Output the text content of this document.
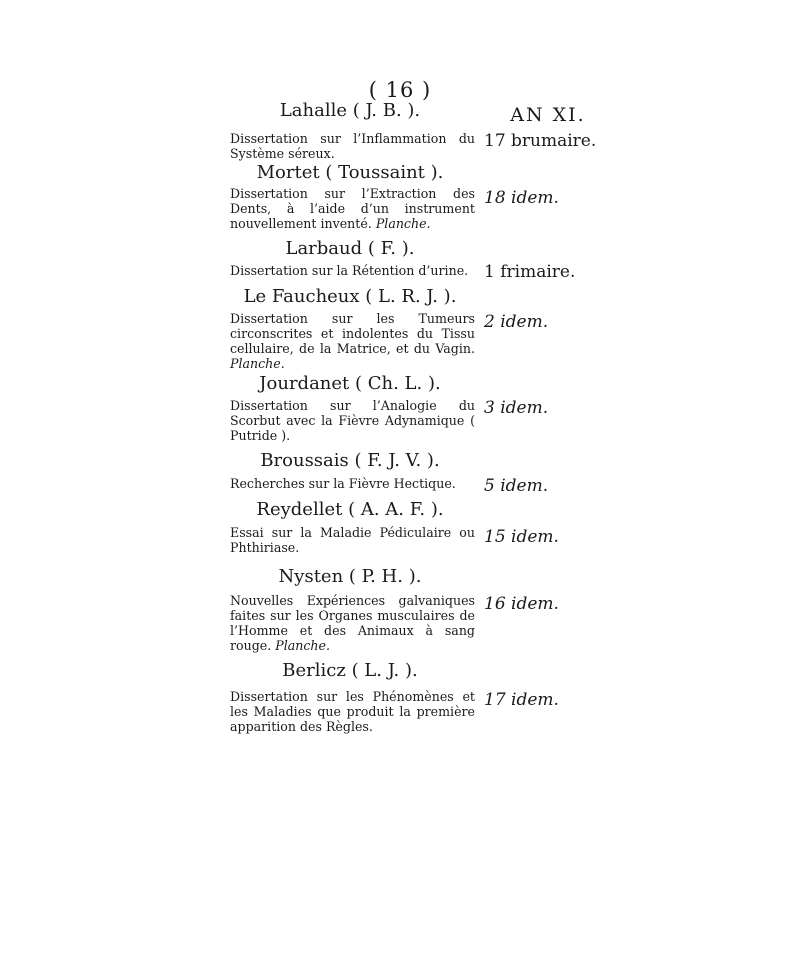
( 16 )
AN XI.
Lahalle ( J. B. ).
Dissertation sur l’Inflammation du Système séreux.
17 brumaire.
Mortet ( Toussaint ).
Dissertation sur l’Extraction des Dents, à l’aide d’un instrument nouvellement inventé. Planche.
18 idem.
Larbaud ( F. ).
Dissertation sur la Rétention d’urine. 1 frimaire.
Le Faucheux ( L. R. J. ).
Dissertation sur les Tumeurs circonscrites et indolentes du Tissu cellulaire, de la Matrice, et du Vagin. Planche.
2 idem.
Jourdanet ( Ch. L. ).
Dissertation sur l’Analogie du Scorbut avec la Fièvre Adynamique ( Putride ).
3 idem.
Broussais ( F. J. V. ).
Recherches sur la Fièvre Hectique.	5 idem.
Reydellet ( A. A. F. ).
Essai sur la Maladie Pédiculaire ou Phthiriase.
15 idem.
Nysten ( P. H. ).
Nouvelles Expériences galvaniques faites sur les Organes musculaires de l’Homme et des Animaux à sang rouge. Planche.
16 idem.
Berlicz ( L. J. ).
Dissertation sur les Phénomènes et les Maladies que produit la première apparition des Règles.
17 idem.
